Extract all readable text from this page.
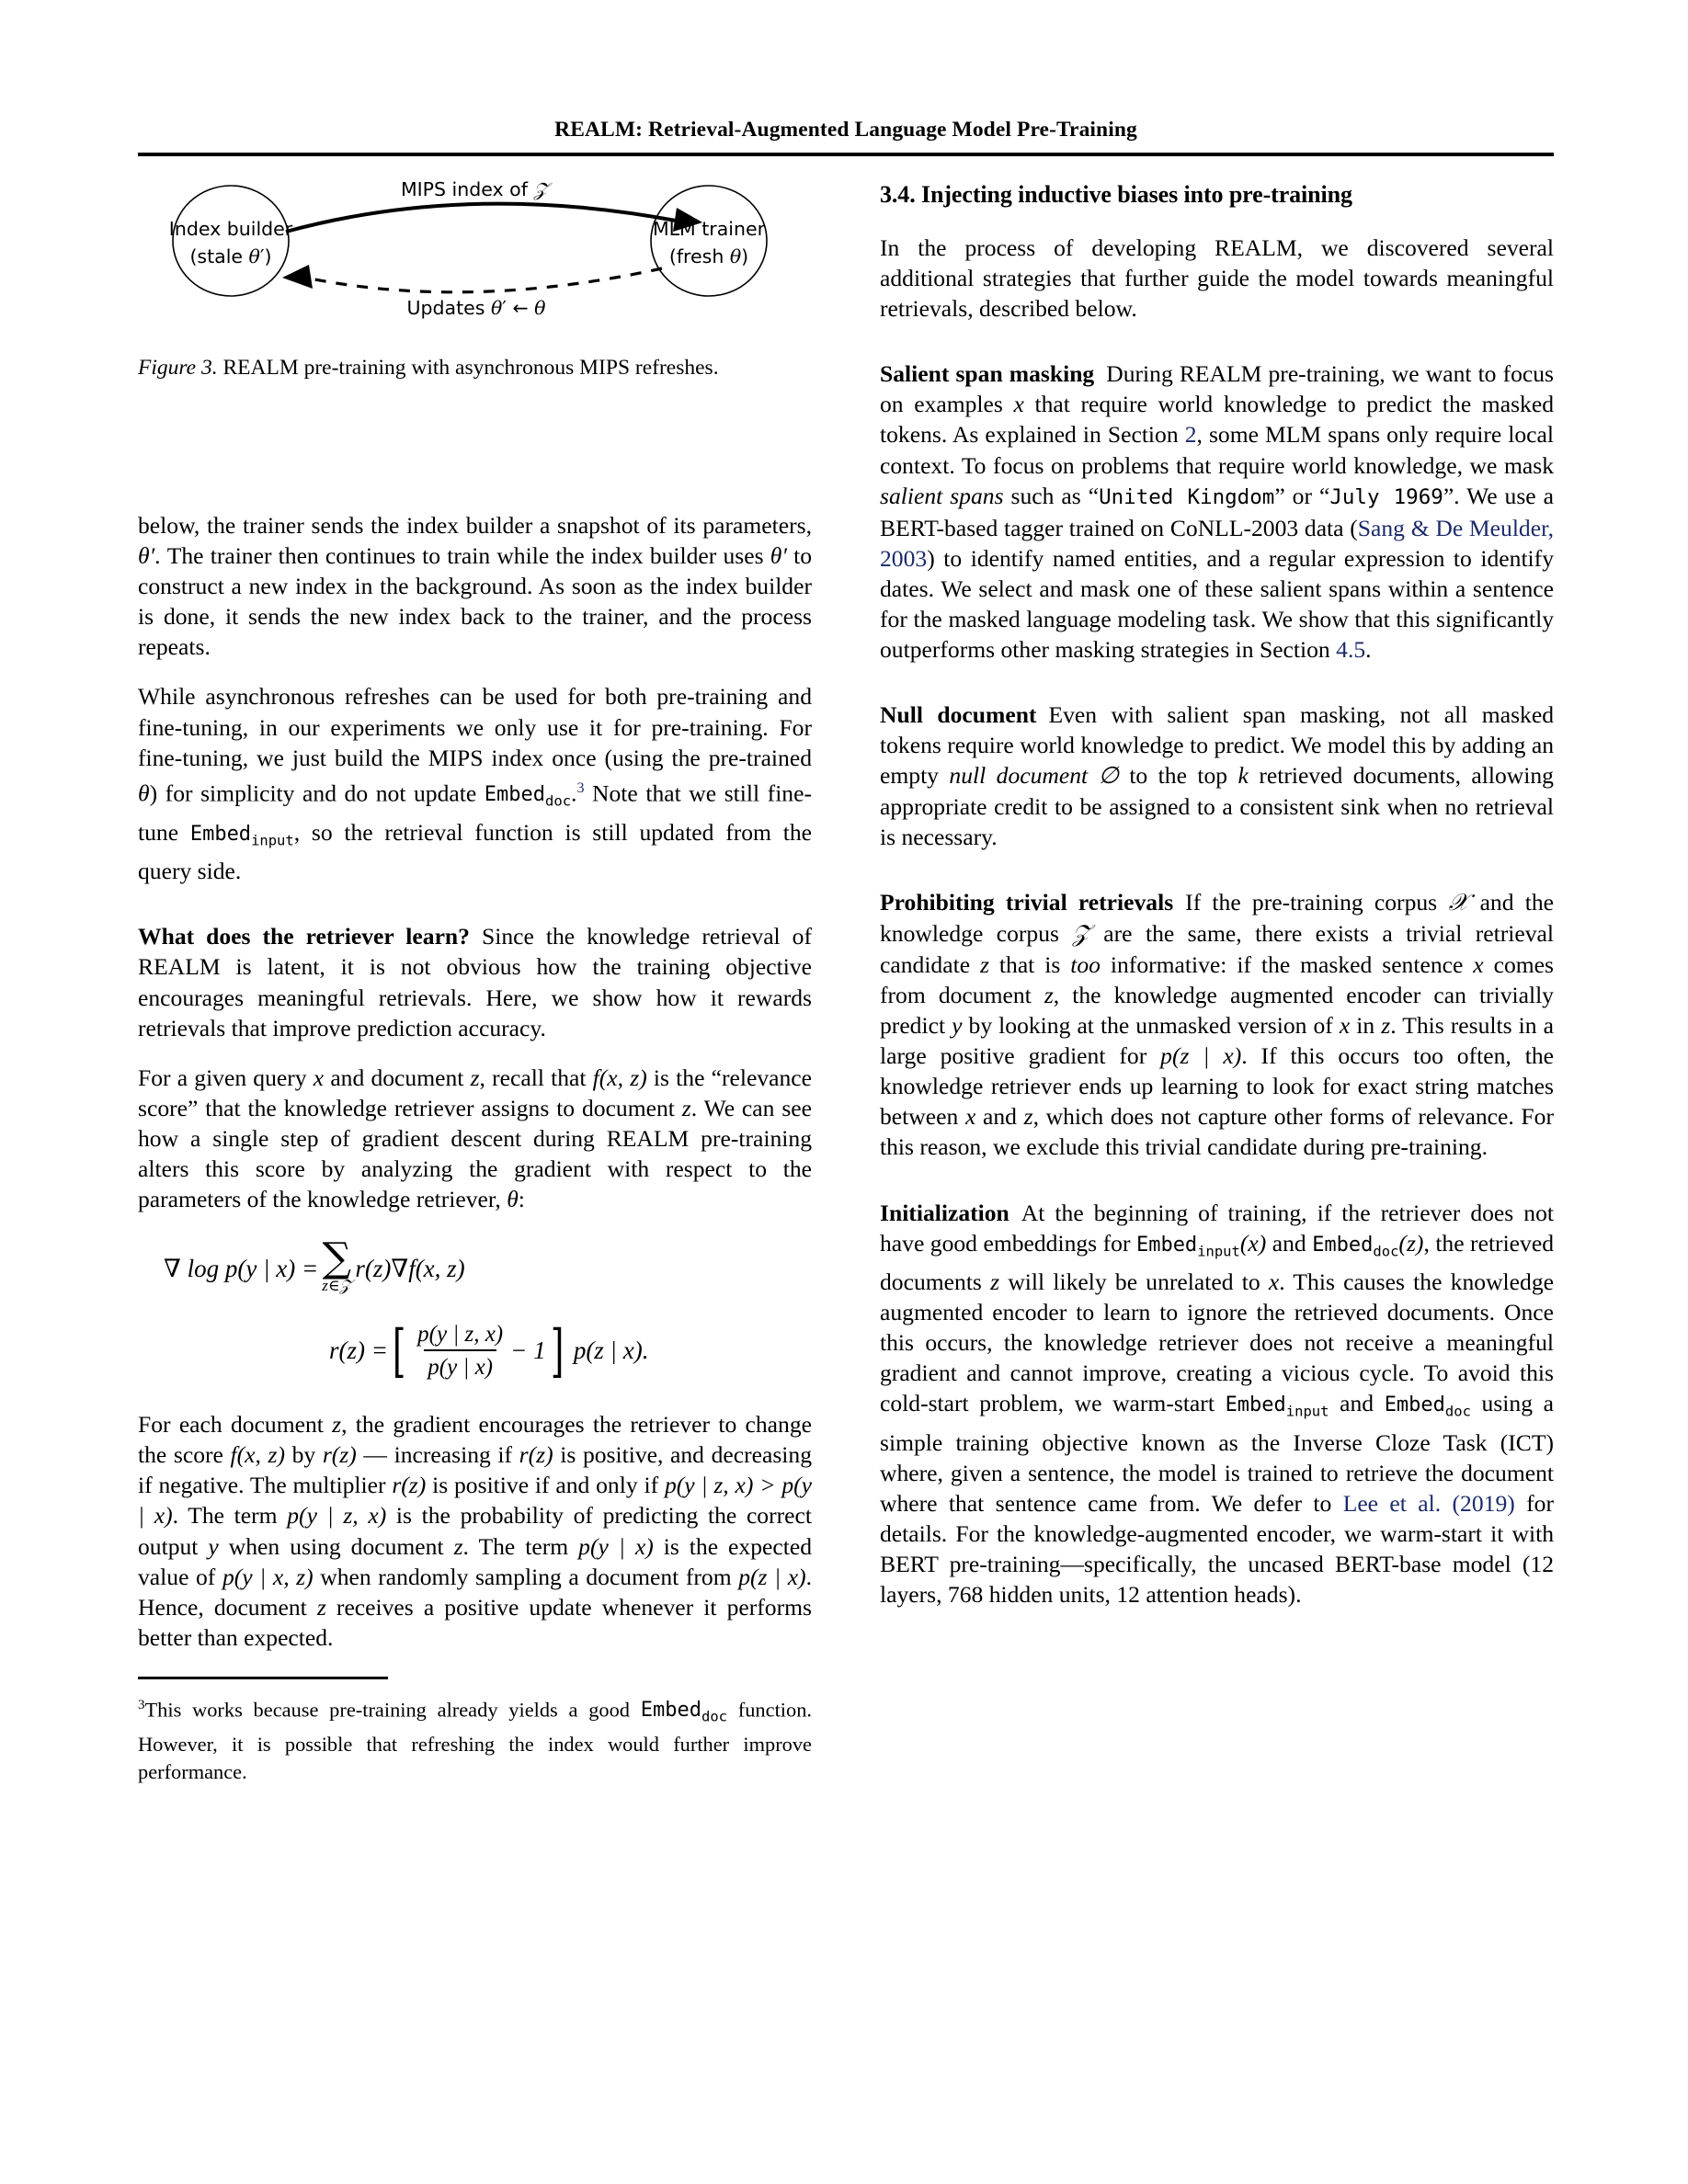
REALM: Retrieval-Augmented Language Model Pre-Training
Index builder
(stale θ′)
MLM trainer
(fresh θ)
MIPS index of 𝒵
Updates θ′ ← θ
Figure 3. REALM pre-training with asynchronous MIPS refreshes.

below, the trainer sends the index builder a snapshot of its parameters, θ′. The trainer then continues to train while the index builder uses θ′ to construct a new index in the background. As soon as the index builder is done, it sends the new index back to the trainer, and the process repeats.

While asynchronous refreshes can be used for both pre-training and fine-tuning, in our experiments we only use it for pre-training. For fine-tuning, we just build the MIPS index once (using the pre-trained θ) for simplicity and do not update Embed$_{doc}$.$^3$ Note that we still fine-tune Embed$_{input}$, so the retrieval function is still updated from the query side.

What does the retriever learn? Since the knowledge retrieval of REALM is latent, it is not obvious how the training objective encourages meaningful retrievals. Here, we show how it rewards retrievals that improve prediction accuracy.

For a given query x and document z, recall that f(x, z) is the “relevance score” that the knowledge retriever assigns to document z. We can see how a single step of gradient descent during REALM pre-training alters this score by analyzing the gradient with respect to the parameters of the knowledge retriever, θ:

∇ log p(y | x) = ∑
z∈𝒵
r(z)∇f(x, z)
r(z) = [ $\frac{p(y | z, x)}{p(y | x)} - 1$ ] p(z | x).

For each document z, the gradient encourages the retriever to change the score f(x, z) by r(z) — increasing if r(z) is positive, and decreasing if negative. The multiplier r(z) is positive if and only if p(y | z, x) > p(y | x). The term p(y | z, x) is the probability of predicting the correct output y when using document z. The term p(y | x) is the expected value of p(y | x, z) when randomly sampling a document from p(z | x). Hence, document z receives a positive update whenever it performs better than expected.

$^3$This works because pre-training already yields a good Embed$_{doc}$ function. However, it is possible that refreshing the index would further improve performance.
3.4. Injecting inductive biases into pre-training

In the process of developing REALM, we discovered several additional strategies that further guide the model towards meaningful retrievals, described below.

Salient span masking During REALM pre-training, we want to focus on examples x that require world knowledge to predict the masked tokens. As explained in Section 2, some MLM spans only require local context. To focus on problems that require world knowledge, we mask salient spans such as “United Kingdom” or “July 1969”. We use a BERT-based tagger trained on CoNLL-2003 data (Sang & De Meulder, 2003) to identify named entities, and a regular expression to identify dates. We select and mask one of these salient spans within a sentence for the masked language modeling task. We show that this significantly outperforms other masking strategies in Section 4.5.

Null document Even with salient span masking, not all masked tokens require world knowledge to predict. We model this by adding an empty null document ∅ to the top k retrieved documents, allowing appropriate credit to be assigned to a consistent sink when no retrieval is necessary.

Prohibiting trivial retrievals If the pre-training corpus 𝒳 and the knowledge corpus 𝒵 are the same, there exists a trivial retrieval candidate z that is too informative: if the masked sentence x comes from document z, the knowledge augmented encoder can trivially predict y by looking at the unmasked version of x in z. This results in a large positive gradient for p(z | x). If this occurs too often, the knowledge retriever ends up learning to look for exact string matches between x and z, which does not capture other forms of relevance. For this reason, we exclude this trivial candidate during pre-training.

Initialization At the beginning of training, if the retriever does not have good embeddings for Embed$_{input}$(x) and Embed$_{doc}$(z), the retrieved documents z will likely be unrelated to x. This causes the knowledge augmented encoder to learn to ignore the retrieved documents. Once this occurs, the knowledge retriever does not receive a meaningful gradient and cannot improve, creating a vicious cycle. To avoid this cold-start problem, we warm-start Embed$_{input}$ and Embed$_{doc}$ using a simple training objective known as the Inverse Cloze Task (ICT) where, given a sentence, the model is trained to retrieve the document where that sentence came from. We defer to Lee et al. (2019) for details. For the knowledge-augmented encoder, we warm-start it with BERT pre-training—specifically, the uncased BERT-base model (12 layers, 768 hidden units, 12 attention heads).
